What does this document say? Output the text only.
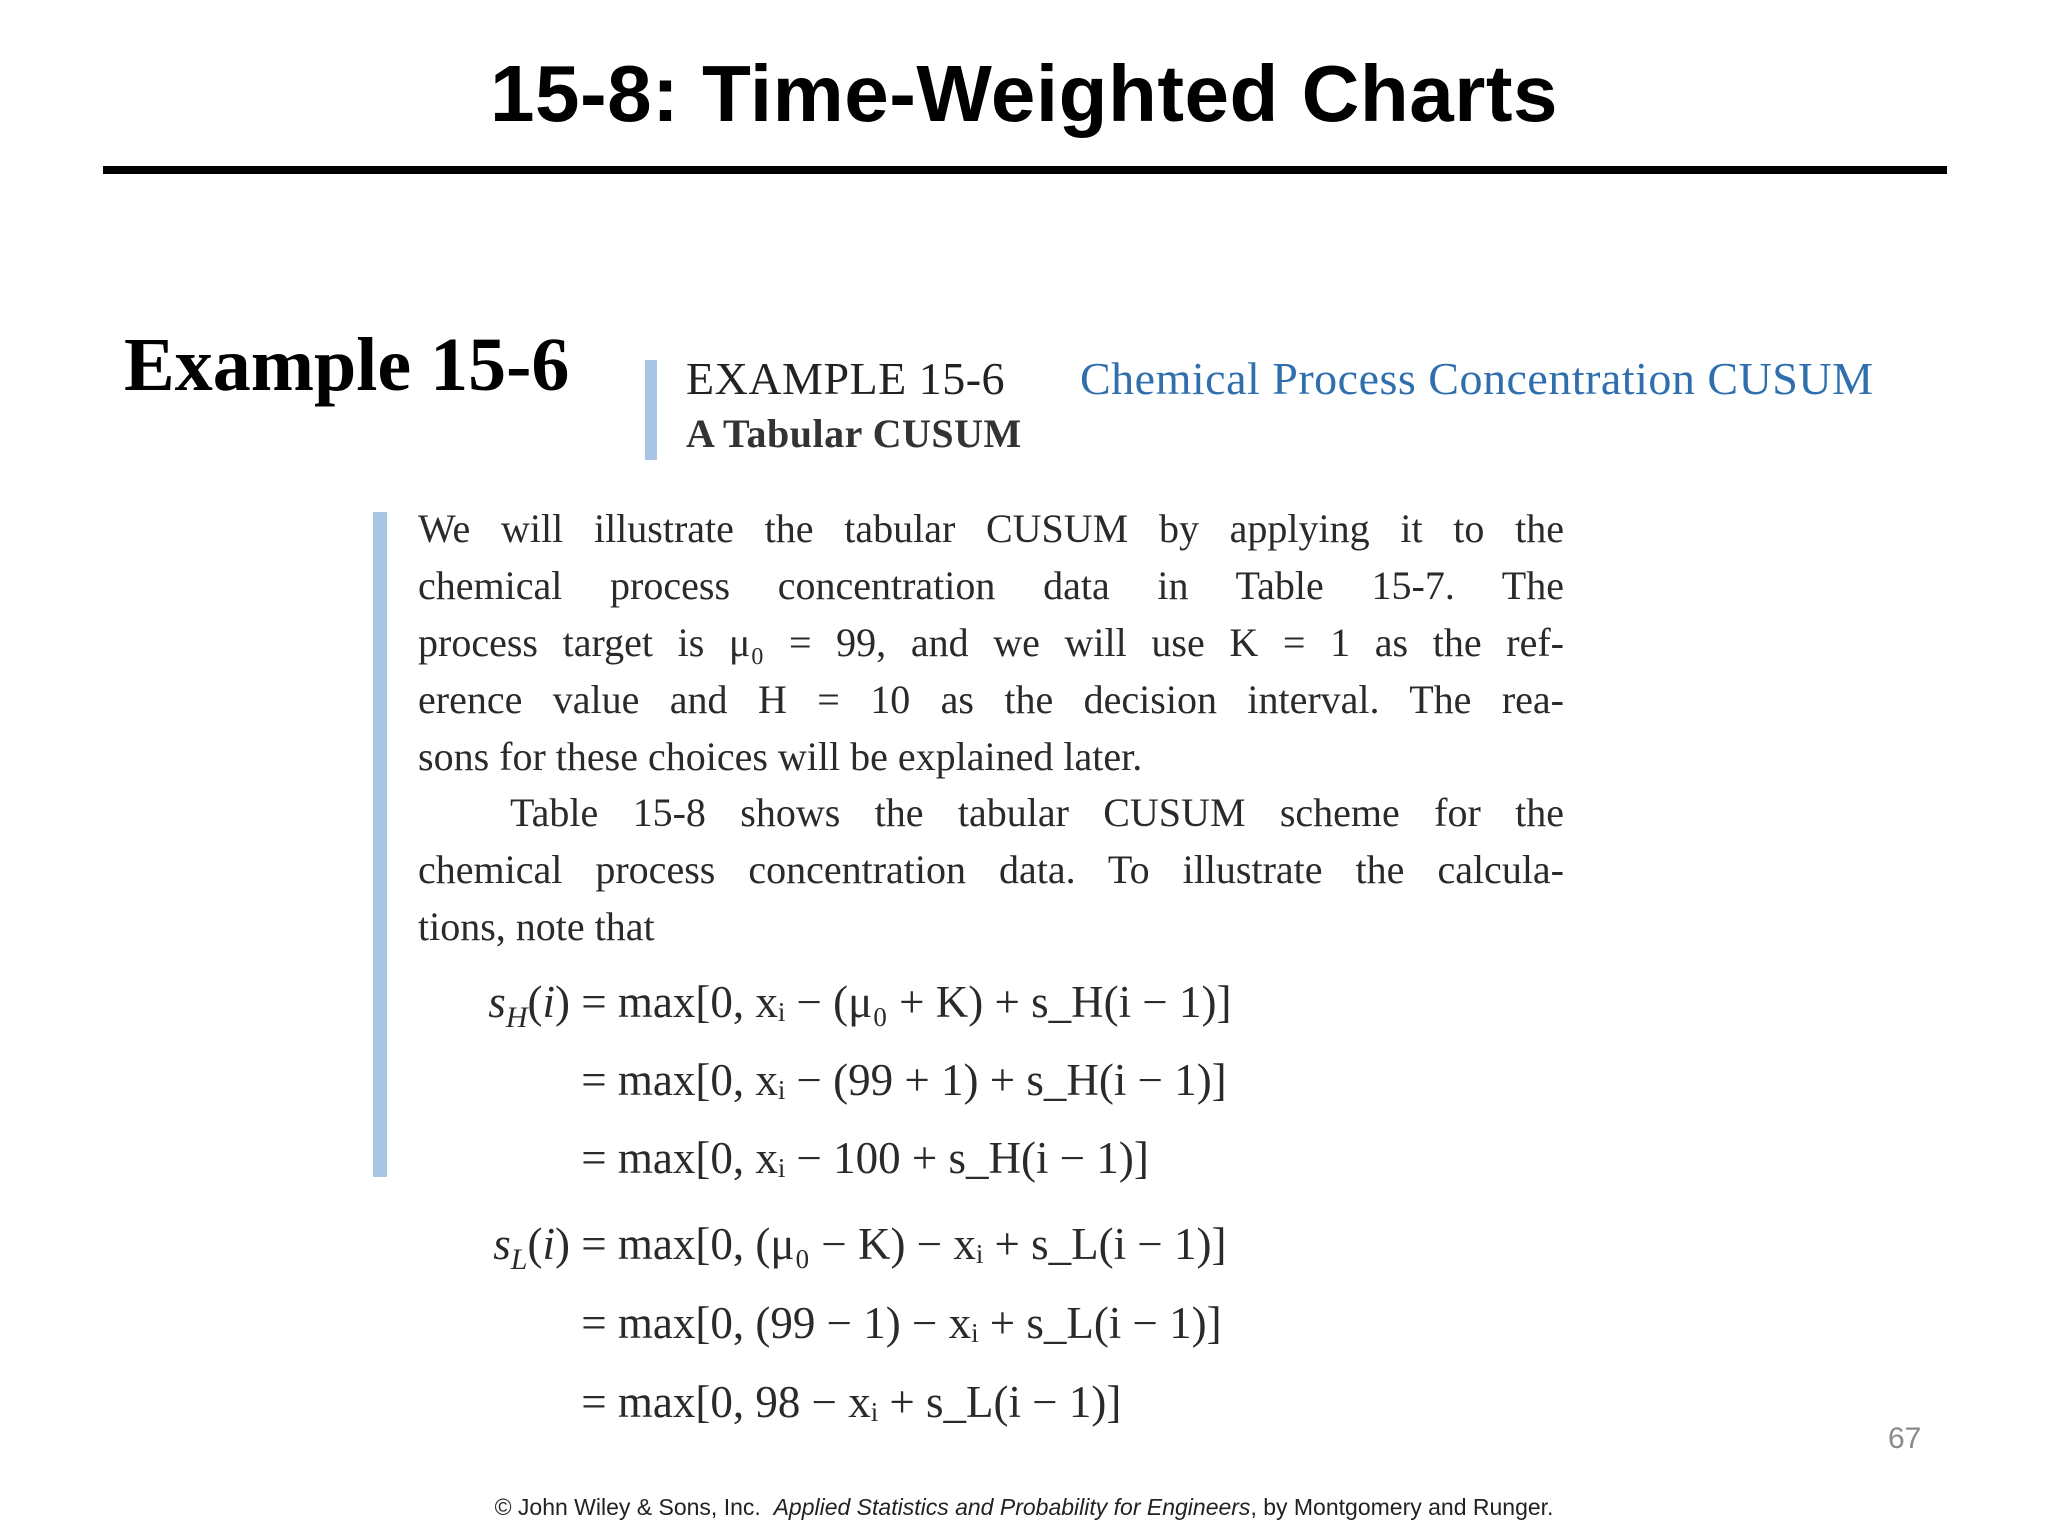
15-8: Time-Weighted Charts
Example 15-6	EXAMPLE 15-6 Chemical Process Concentration CUSUM
A Tabular CUSUM
We will illustrate the tabular CUSUM by applying it to the
chemical process concentration data in Table 15-7. The
process target is μ₀ = 99, and we will use K = 1 as the ref-
erence value and H = 10 as the decision interval. The rea-
sons for these choices will be explained later.
Table 15-8 shows the tabular CUSUM scheme for the
chemical process concentration data. To illustrate the calcula-
tions, note that
$s_H(i) = \max[0$, xᵢ − (μ₀ + K) + s_H(i − 1)]
= max[0, xᵢ − (99 + 1) + s_H(i − 1)]
= max[0, xᵢ − 100 + s_H(i − 1)]
$s_L(i) = \max[0$, (μ₀ − K) − xᵢ + s_L(i − 1)]
= max[0, (99 − 1) − xᵢ + s_L(i − 1)]
= max[0, 98 − xᵢ + s_L(i − 1)]
67
© John Wiley & Sons, Inc. Applied Statistics and Probability for Engineers, by Montgomery and Runger.
